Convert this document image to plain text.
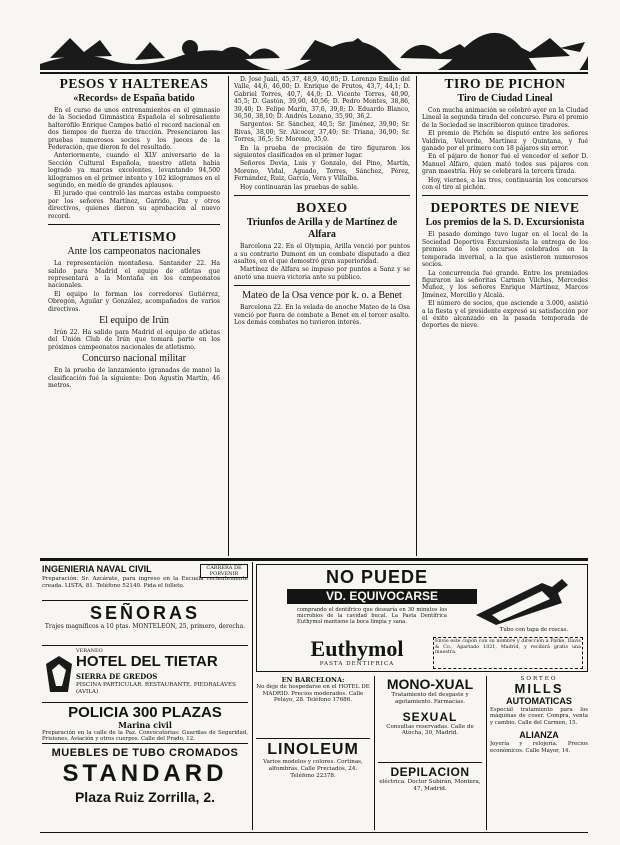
PESOS Y HALTEREAS
«Records» de España batido

En el curso de unos entrenamientos en el gimnasio de la Sociedad Gimnástica Española el sobresaliente halterófilo Enrique Campos batió el record nacional en dos tiempos de fuerza de tracción. Presenciaron las pruebas numerosos socios y los jueces de la Federación, que dieron fe del resultado.

Anteriormente, cuando el XLV aniversario de la Sección Cultural Española, nuestro atleta había logrado ya marcas excelentes, levantando 94,500 kilogramos en el primer intento y 102 kilogramos en el segundo, en medio de grandes aplausos.

El jurado que controló las marcas estaba compuesto por los señores Martínez, Garrido, Paz y otros directivos, quienes dieron su aprobación al nuevo record.

ATLETISMO
Ante los campeonatos nacionales

La representación montañesa. Santander 22. Ha salido para Madrid el equipo de atletas que representará a la Montaña en los campeonatos nacionales.

El equipo lo forman los corredores Gutiérrez, Obregón, Aguilar y González, acompañados de varios directivos.

El equipo de Irún

Irún 22. Ha salido para Madrid el equipo de atletas del Unión Club de Irún que tomará parte en los próximos campeonatos nacionales de atletismo.

Concurso nacional militar

En la prueba de lanzamiento (granadas de mano) la clasificación fué la siguiente: Don Agustín Martín, 46 metros.

D. José Juali, 45,37, 48,9, 40,85; D. Lorenzo Emilio del Valle, 44,6, 46,00; D. Enrique de Frutos, 43,7, 44,1; D. Gabriel Torres, 40,7, 44,0; D. Vicente Torres, 40,90, 45,5; D. Gastón, 39,90, 40,56; D. Pedro Montes, 38,86, 39,40; D. Felipe Marín, 37,6, 39,8; D. Eduardo Blanco, 36,50, 38,10; D. Andrés Lozano, 35,90, 36,2.

Sargentos: Sr. Sánchez, 40,5; Sr. Jiménez, 39,90; Sr. Rivas, 38,00; Sr. Alcocer, 37,40; Sr. Triana, 36,90; Sr. Torres, 36,5; Sr. Moreno, 35,0.

En la prueba de precisión de tiro figuraron los siguientes clasificados en el primer lugar.

Señores Devia, Luis y Gonzalo, del Pino, Martín, Moreno, Vidal, Aguado, Torres, Sánchez, Pérez, Fernández, Ruiz, García, Vera y Villalba.

Hoy continuarán las pruebas de sable.

BOXEO
Triunfos de Arilla y de Martínez de Alfara

Barcelona 22. En el Olympia, Arilla venció por puntos a su contrario Dumont en un combate disputado a diez asaltos, en el que demostró gran superioridad.

Martínez de Alfara se impuso por puntos a Sanz y se anotó una nueva victoria ante su público.

Mateo de la Osa vence por k. o. a Benet

Barcelona 22. En la velada de anoche Mateo de la Osa venció por fuera de combate a Benet en el tercer asalto. Los demás combates no tuvieron interés.

TIRO DE PICHON
Tiro de Ciudad Lineal

Con mucha animación se celebró ayer en la Ciudad Lineal la segunda tirada del concurso. Para el premio de la Sociedad se inscribieron quince tiradores.

El premio de Pichón se disputó entre los señores Valdivia, Valverde, Martínez y Quintana, y fué ganado por el primero con 18 pájaros sin error.

En el pájaro de honor fué el vencedor el señor D. Manuel Alfaro, quien mató todos sus pájaros con gran maestría. Hoy se celebrará la tercera tirada.

Hoy, viernes, a las tres, continuarán los concursos con el tiro al pichón.

DEPORTES DE NIEVE
Los premios de la S. D. Excursionista

El pasado domingo tuvo lugar en el local de la Sociedad Deportiva Excursionista la entrega de los premios de los concursos celebrados en la temporada invernal, a la que asistieron numerosos socios.

La concurrencia fué grande. Entre los premiados figuraron las señoritas Carmen Vilches, Mercedes Muñoz, y los señores Enrique Martínez, Marcos Jiménez, Morcillo y Alcalá.

El número de socios, que asciende a 3.000, asistió a la fiesta y el presidente expresó su satisfacción por el éxito alcanzado en la pasada temporada de deportes de nieve.

INGENIERIA NAVAL CIVIL	CARRERA DE PORVENIR
Preparación: Sr. Azcárate, para ingreso en la Escuela recientemente creada. LISTA, 81. Teléfono 52140. Pida el folleto.
SEÑORAS
Trajes magníficos a 10 ptas. MONTELEÓN, 25, primero, derecha.
VERANEO
HOTEL DEL TIETAR
SIERRA DE GREDOS
PISCINA PARTICULAR. RESTAURANTE. PIEDRALAVES (AVILA)
POLICIA 300 PLAZAS
Marina civil
Preparación en la calle de la Paz. Convocatorias: Guardias de Seguridad, Prisiones, Aviación y otros cuerpos. Calle del Prado, 12.
MUEBLES DE TUBO CROMADOS
STANDARD
Plaza Ruiz Zorrilla, 2.
NO PUEDE
VD. EQUIVOCARSE
comprando el dentífrico que desearía en 30 minutos los microbios de la cavidad bucal. La Pasta Dentífrica Euthymol mantiene la boca limpia y sana.
Tubo con tapa de roscas.
Euthymol
PASTA DENTIFRICA
Envíe este cupón con su nombre y dirección a Parke, Davis & Co., Apartado 1021, Madrid, y recibirá gratis una muestra.
EN BARCELONA:
No deje de hospedarse en el HOTEL DE MADRID. Precios moderados. Calle Pelayo, 28. Teléfono 17686.
LINOLEUM
Varios modelos y colores. Cortinas, alfombras. Calle Preciados, 24. Teléfono 22378.
MONO-XUAL
Tratamiento del desgaste y agotamiento. Farmacias.
SEXUAL
Consultas reservadas. Calle de Atocha, 30, Madrid.
DEPILACION
eléctrica. Doctor Subirán, Montera, 47, Madrid.
SORTEO
MILLS
AUTOMATICAS
Especial tratamiento para los máquinas de coser. Compra, venta y cambio. Calle del Carmen, 15.
ALIANZA
Joyería y relojería. Precios económicos. Calle Mayor, 14.
